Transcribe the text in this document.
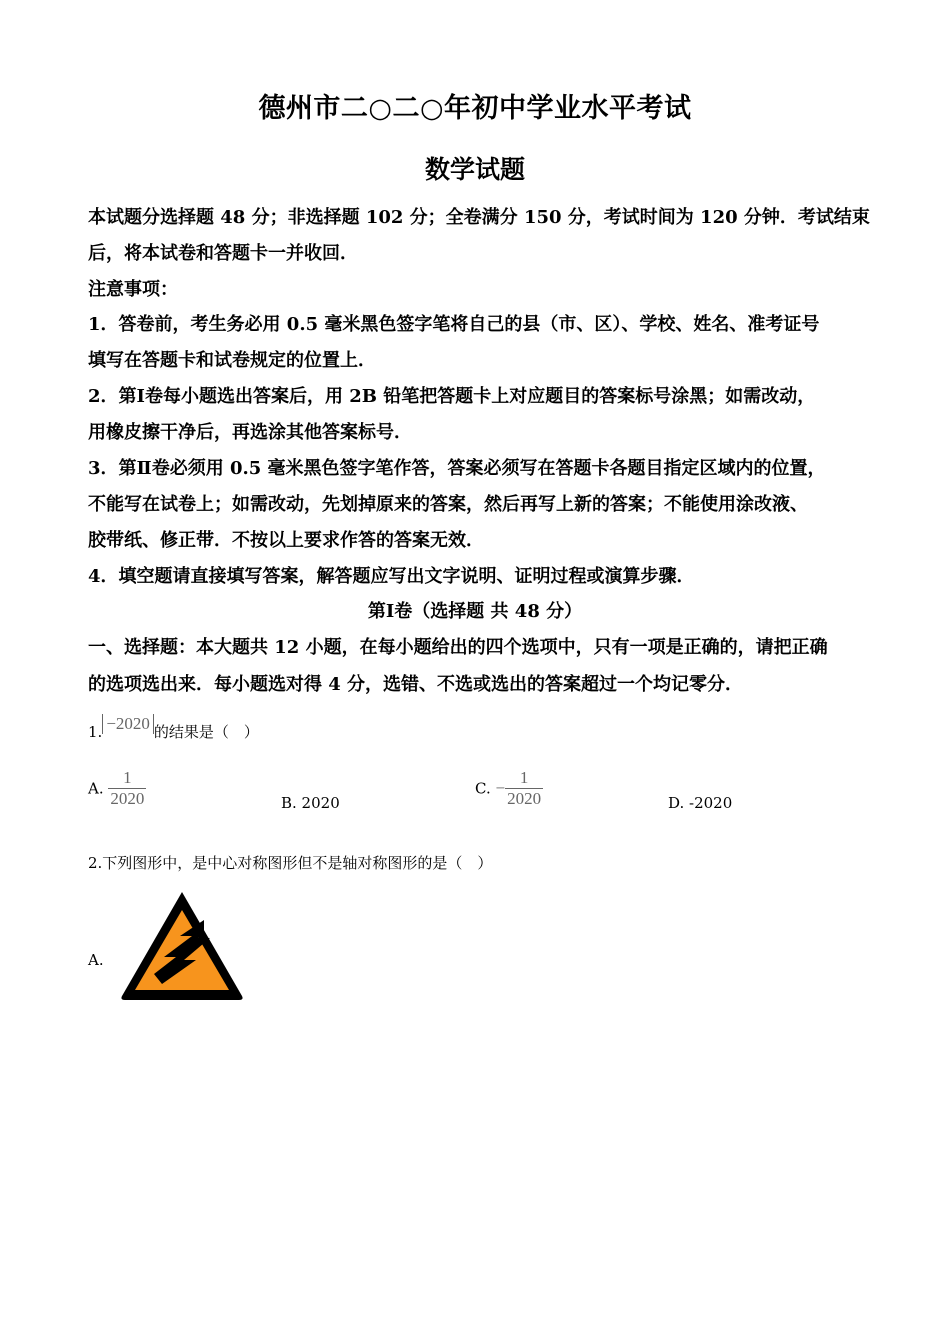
德州市二○二○年初中学业水平考试
数学试题
本试题分选择题 48 分；非选择题 102 分；全卷满分 150 分，考试时间为 120 分钟．考试结束
后，将本试卷和答题卡一并收回．
注意事项：
1．答卷前，考生务必用 0.5 毫米黑色签字笔将自己的县（市、区）、学校、姓名、准考证号
填写在答题卡和试卷规定的位置上．
2．第Ⅰ卷每小题选出答案后，用 2B 铅笔把答题卡上对应题目的答案标号涂黑；如需改动，
用橡皮擦干净后，再选涂其他答案标号．
3．第Ⅱ卷必须用 0.5 毫米黑色签字笔作答，答案必须写在答题卡各题目指定区域内的位置，
不能写在试卷上；如需改动，先划掉原来的答案，然后再写上新的答案；不能使用涂改液、
胶带纸、修正带．不按以上要求作答的答案无效．
4．填空题请直接填写答案，解答题应写出文字说明、证明过程或演算步骤．
第Ⅰ卷（选择题 共 48 分）
一、选择题：本大题共 12 小题，在每小题给出的四个选项中，只有一项是正确的，请把正确
的选项选出来．每小题选对得 4 分，选错、不选或选出的答案超过一个均记零分．
1. −2020 的结果是（　）
A. $\frac{1}{2020}$	B. 2020
C. − $\frac{1}{2020}$	D. -2020
2.下列图形中，是中心对称图形但不是轴对称图形的是（　）
A.
